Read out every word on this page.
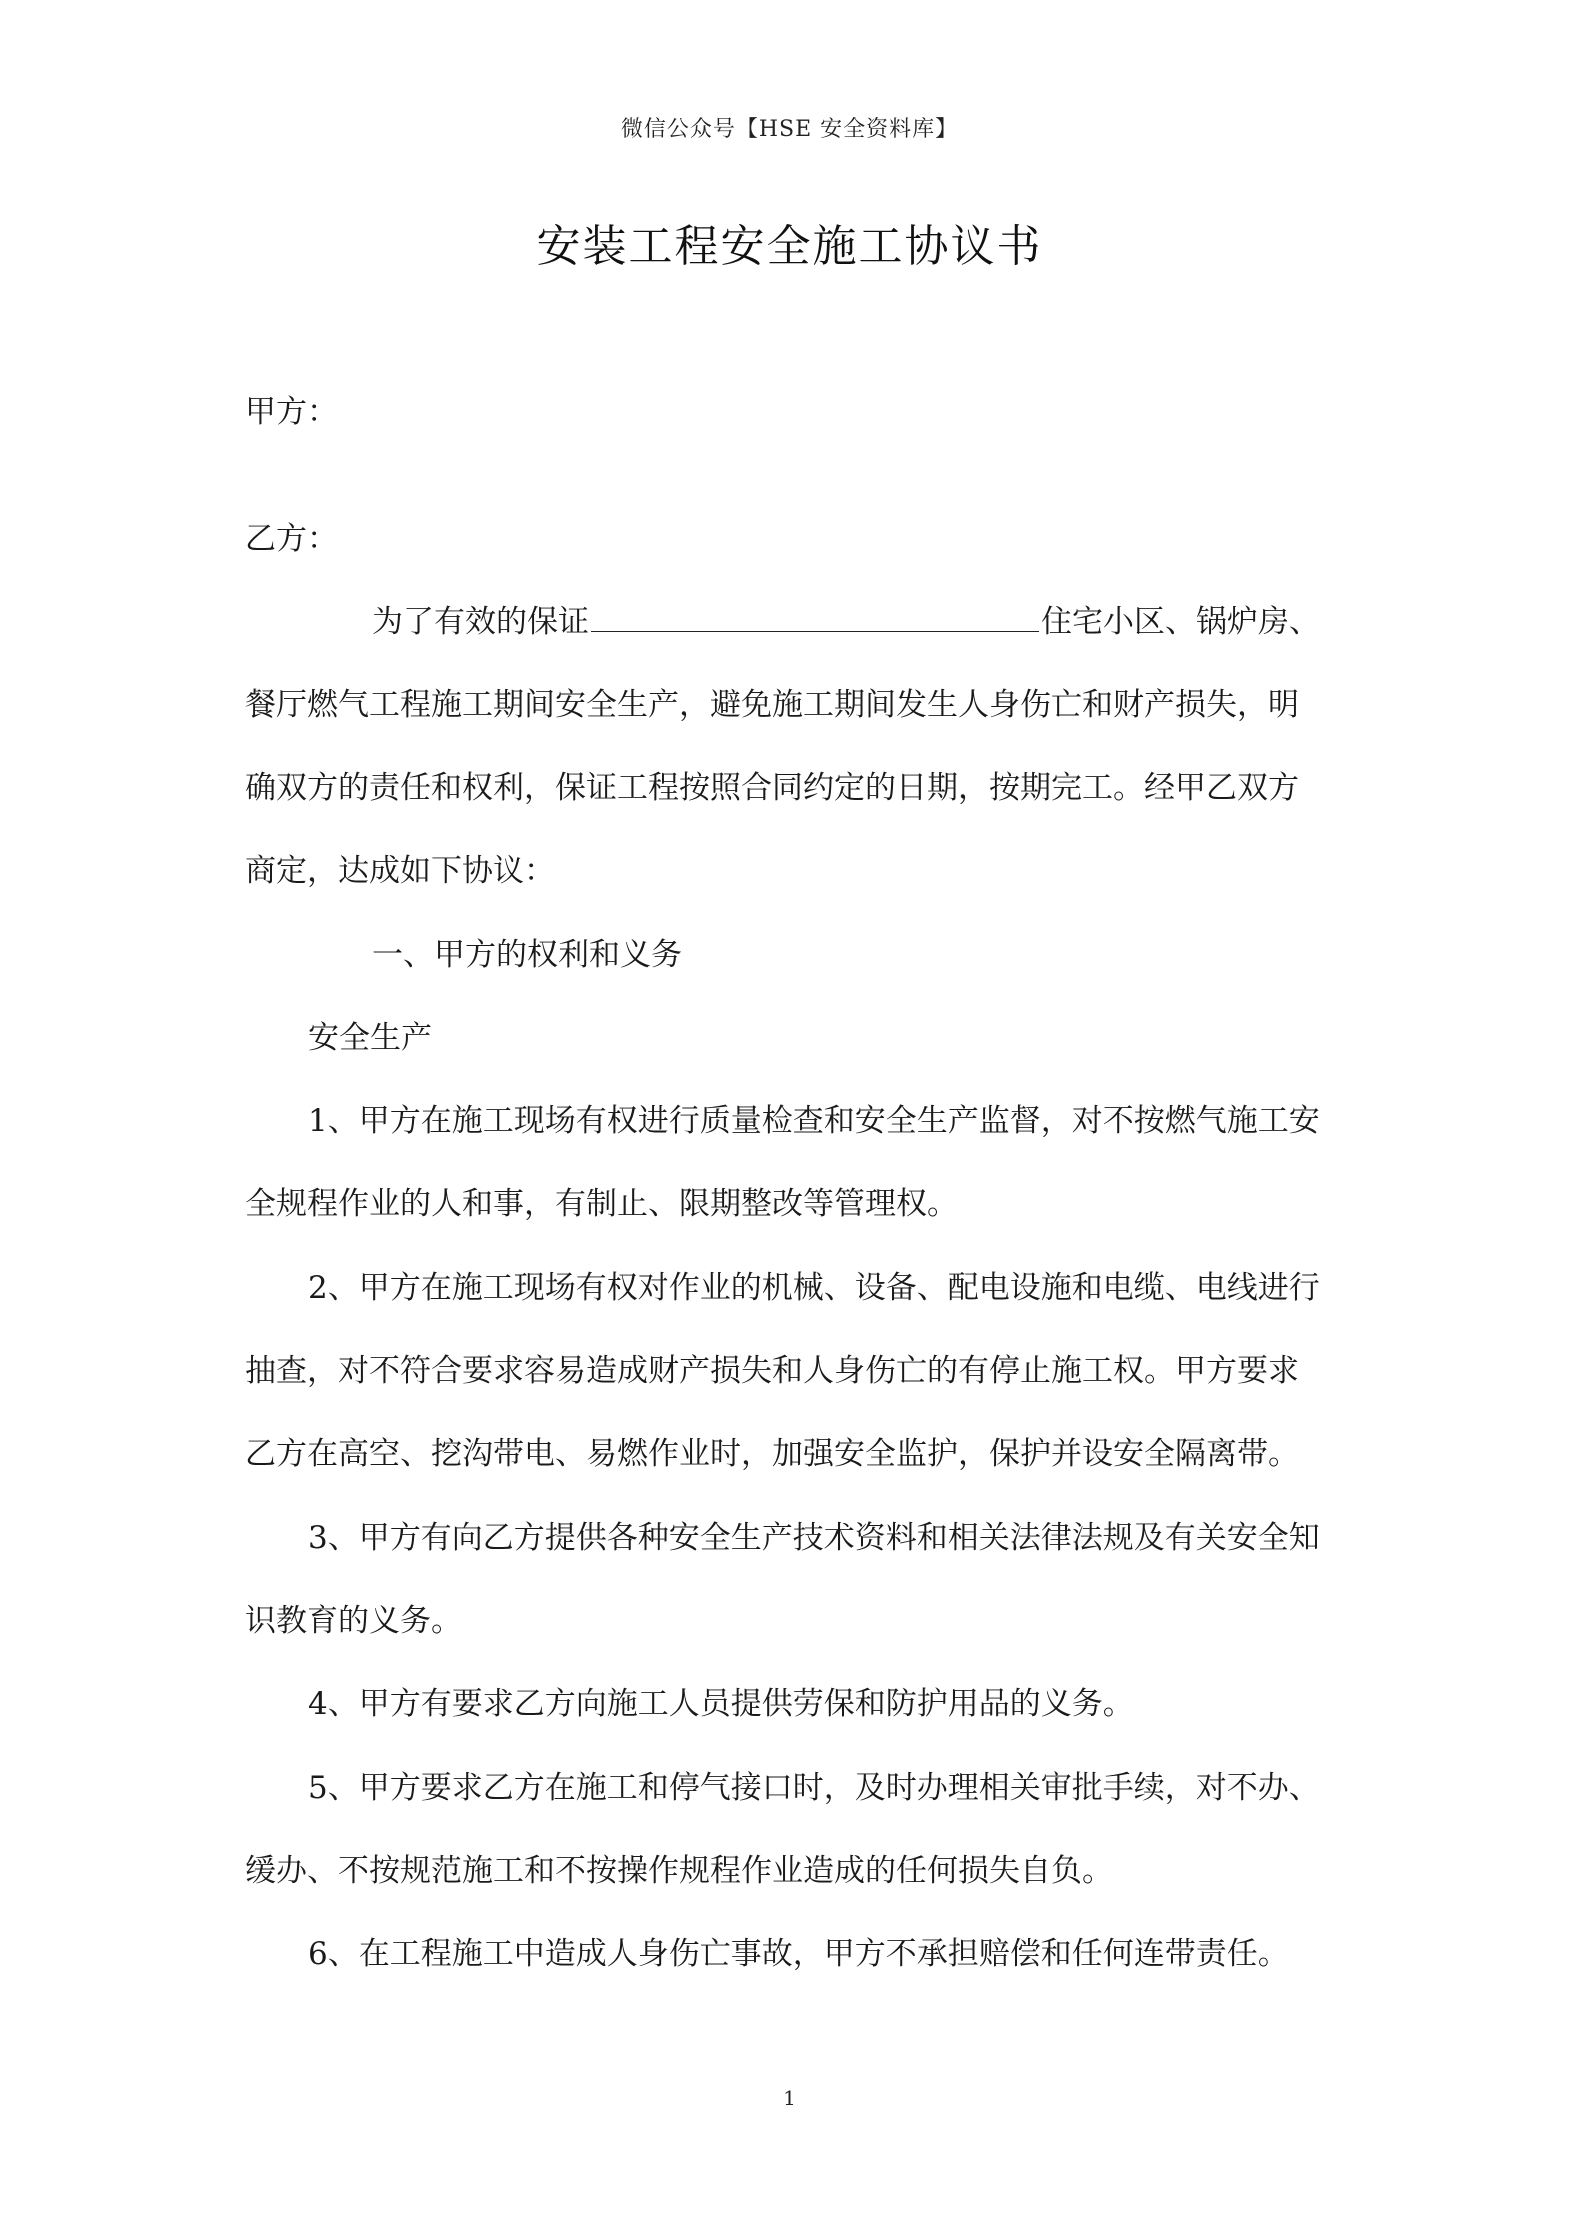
微信公众号【HSE 安全资料库】
安装工程安全施工协议书
甲方：
乙方：
为了有效的保证	住宅小区、锅炉房、
餐厅燃气工程施工期间安全生产，避免施工期间发生人身伤亡和财产损失，明
确双方的责任和权利，保证工程按照合同约定的日期，按期完工。经甲乙双方
商定，达成如下协议：
一、甲方的权利和义务
安全生产
1、甲方在施工现场有权进行质量检查和安全生产监督，对不按燃气施工安
全规程作业的人和事，有制止、限期整改等管理权。
2、甲方在施工现场有权对作业的机械、设备、配电设施和电缆、电线进行
抽查，对不符合要求容易造成财产损失和人身伤亡的有停止施工权。甲方要求
乙方在高空、挖沟带电、易燃作业时，加强安全监护，保护并设安全隔离带。
3、甲方有向乙方提供各种安全生产技术资料和相关法律法规及有关安全知
识教育的义务。
4、甲方有要求乙方向施工人员提供劳保和防护用品的义务。
5、甲方要求乙方在施工和停气接口时，及时办理相关审批手续，对不办、
缓办、不按规范施工和不按操作规程作业造成的任何损失自负。
6、在工程施工中造成人身伤亡事故，甲方不承担赔偿和任何连带责任。
1
